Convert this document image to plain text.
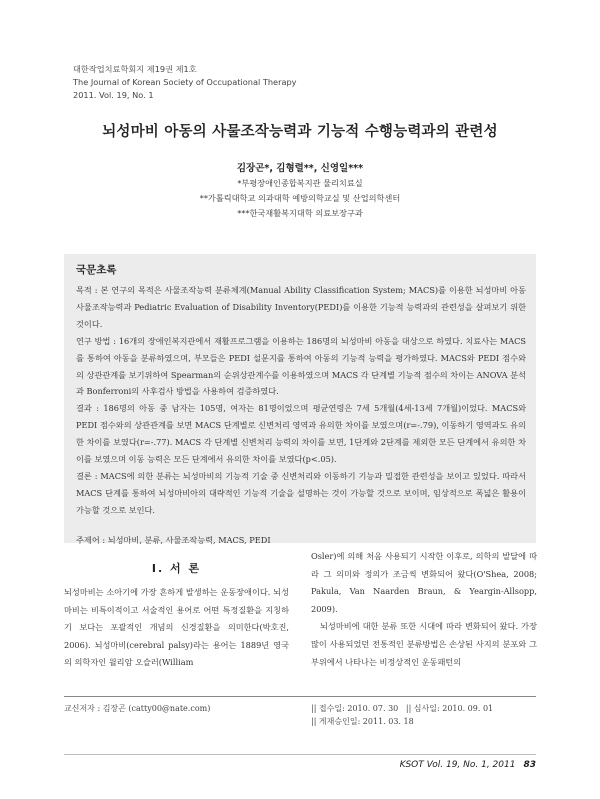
대한작업치료학회지 제19권 제1호
The Journal of Korean Society of Occupational Therapy
2011. Vol. 19, No. 1
뇌성마비 아동의 사물조작능력과 기능적 수행능력과의 관련성
김장곤*, 김형렬**, 신영일***
*부평장애인종합복지관 물리치료실
**가톨릭대학교 의과대학 예방의학교실 및 산업의학센터
***한국재활복지대학 의료보장구과
국문초록
목적 : 본 연구의 목적은 사물조작능력 분류체계(Manual Ability Classification System; MACS)를 이용한 뇌성마비 아동 사물조작능력과 Pediatric Evaluation of Disability Inventory(PEDI)를 이용한 기능적 능력과의 관련성을 살펴보기 위한 것이다.
연구 방법 : 16개의 장애인복지관에서 재활프로그램을 이용하는 186명의 뇌성마비 아동을 대상으로 하였다. 치료사는 MACS를 통하여 아동을 분류하였으며, 부모들은 PEDI 설문지를 통하여 아동의 기능적 능력을 평가하였다. MACS와 PEDI 점수와의 상관관계를 보기위하여 Spearman의 순위상관계수를 이용하였으며 MACS 각 단계별 기능적 점수의 차이는 ANOVA 분석과 Bonferroni의 사후검사 방법을 사용하여 검증하였다.
결과 : 186명의 아동 중 남자는 105명, 여자는 81명이었으며 평균연령은 7세 5개월(4세-13세 7개월)이었다. MACS와 PEDI 점수와의 상관관계를 보면 MACS 단계별로 신변처리 영역과 유의한 차이를 보였으며(r=-.79), 이동하기 영역과도 유의한 차이를 보였다(r=-.77). MACS 각 단계별 신변처리 능력의 차이를 보면, 1단계와 2단계를 제외한 모든 단계에서 유의한 차이를 보였으며 이동 능력은 모든 단계에서 유의한 차이를 보였다(p<.05).
결론 : MACS에 의한 분류는 뇌성마비의 기능적 기술 중 신변처리와 이동하기 기능과 밀접한 관련성을 보이고 있었다. 따라서 MACS 단계를 통하여 뇌성마비아의 대략적인 기능적 기술을 설명하는 것이 가능할 것으로 보이며, 임상적으로 폭넓은 활용이 가능할 것으로 보인다.
주제어 : 뇌성마비, 분류, 사물조작능력, MACS, PEDI
Ⅰ. 서 론
뇌성마비는 소아기에 가장 흔하게 발생하는 운동장애이다. 뇌성마비는 비특이적이고 서술적인 용어로 어떤 특정질환을 지칭하기 보다는 포괄적인 개념의 신경질환을 의미한다(박호진, 2006). 뇌성마비(cerebral palsy)라는 용어는 1889년 영국의 의학자인 윌리암 오슬러(William
Osler)에 의해 처음 사용되기 시작한 이후로, 의학의 발달에 따라 그 의미와 정의가 조금씩 변화되어 왔다(O'Shea, 2008; Pakula, Van Naarden Braun, & Yeargin-Allsopp, 2009).
뇌성마비에 대한 분류 또한 시대에 따라 변화되어 왔다. 가장 많이 사용되었던 전통적인 분류방법은 손상된 사지의 분포와 그 부위에서 나타나는 비정상적인 운동패턴의
교신저자 : 김장곤 (catty00@nate.com)	|| 접수일: 2010. 07. 30   || 심사일: 2010. 09. 01
|| 게재승인일: 2011. 03. 18
KSOT Vol. 19, No. 1, 2011 83
